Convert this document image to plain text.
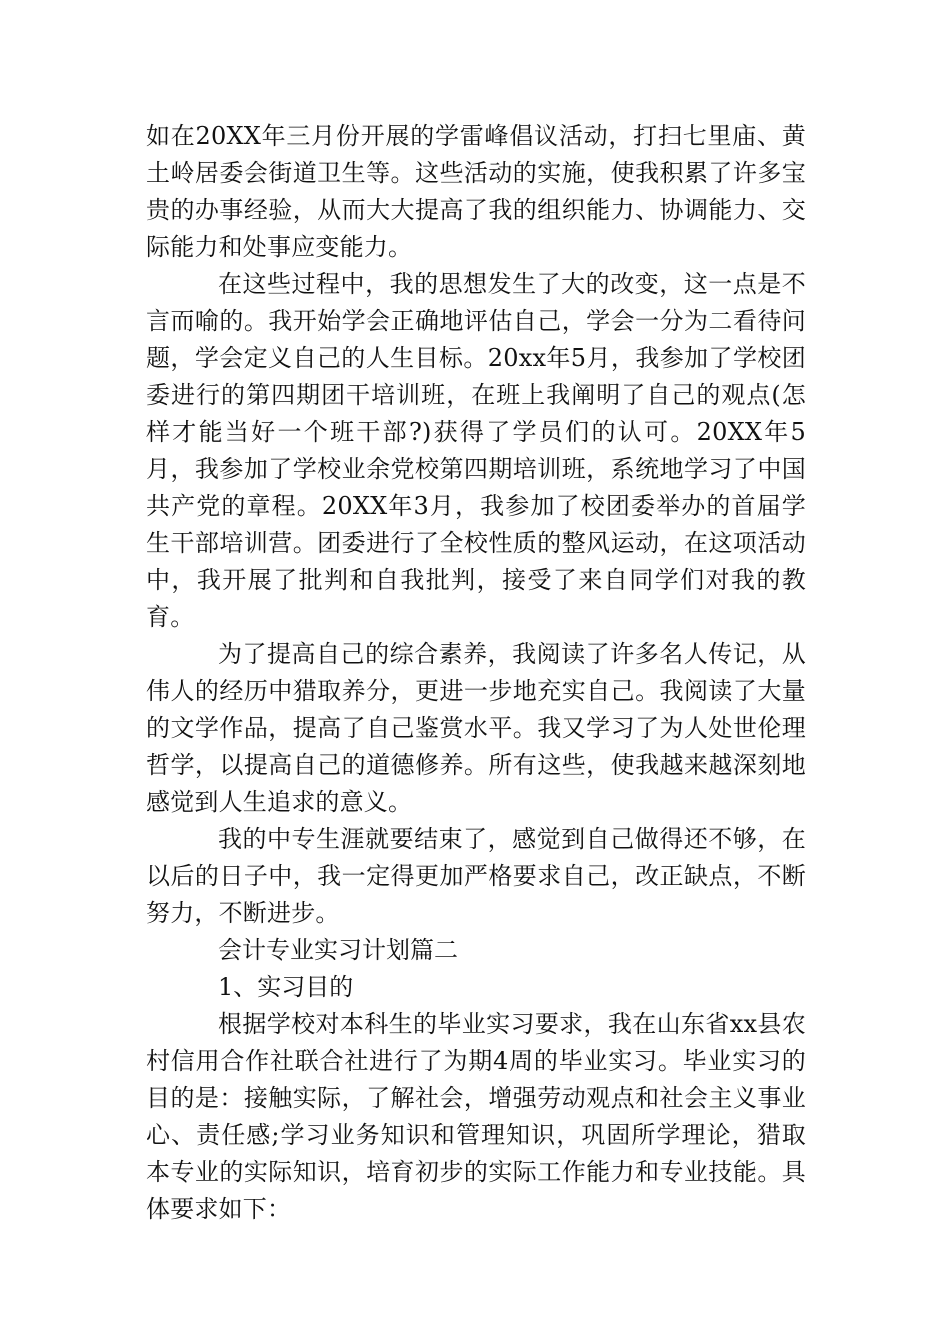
如在20XX年三月份开展的学雷峰倡议活动，打扫七里庙、黄土岭居委会街道卫生等。这些活动的实施，使我积累了许多宝贵的办事经验，从而大大提高了我的组织能力、协调能力、交际能力和处事应变能力。

在这些过程中，我的思想发生了大的改变，这一点是不言而喻的。我开始学会正确地评估自己，学会一分为二看待问题，学会定义自己的人生目标。20xx年5月，我参加了学校团委进行的第四期团干培训班，在班上我阐明了自己的观点(怎样才能当好一个班干部?)获得了学员们的认可。20XX年5月，我参加了学校业余党校第四期培训班，系统地学习了中国共产党的章程。20XX年3月，我参加了校团委举办的首届学生干部培训营。团委进行了全校性质的整风运动，在这项活动中，我开展了批判和自我批判，接受了来自同学们对我的教育。

为了提高自己的综合素养，我阅读了许多名人传记，从伟人的经历中猎取养分，更进一步地充实自己。我阅读了大量的文学作品，提高了自己鉴赏水平。我又学习了为人处世伦理哲学，以提高自己的道德修养。所有这些，使我越来越深刻地感觉到人生追求的意义。

我的中专生涯就要结束了，感觉到自己做得还不够，在以后的日子中，我一定得更加严格要求自己，改正缺点，不断努力，不断进步。

会计专业实习计划篇二

1、实习目的

根据学校对本科生的毕业实习要求，我在山东省xx县农村信用合作社联合社进行了为期4周的毕业实习。毕业实习的目的是：接触实际，了解社会，增强劳动观点和社会主义事业心、责任感;学习业务知识和管理知识，巩固所学理论，猎取本专业的实际知识，培育初步的实际工作能力和专业技能。具体要求如下：
